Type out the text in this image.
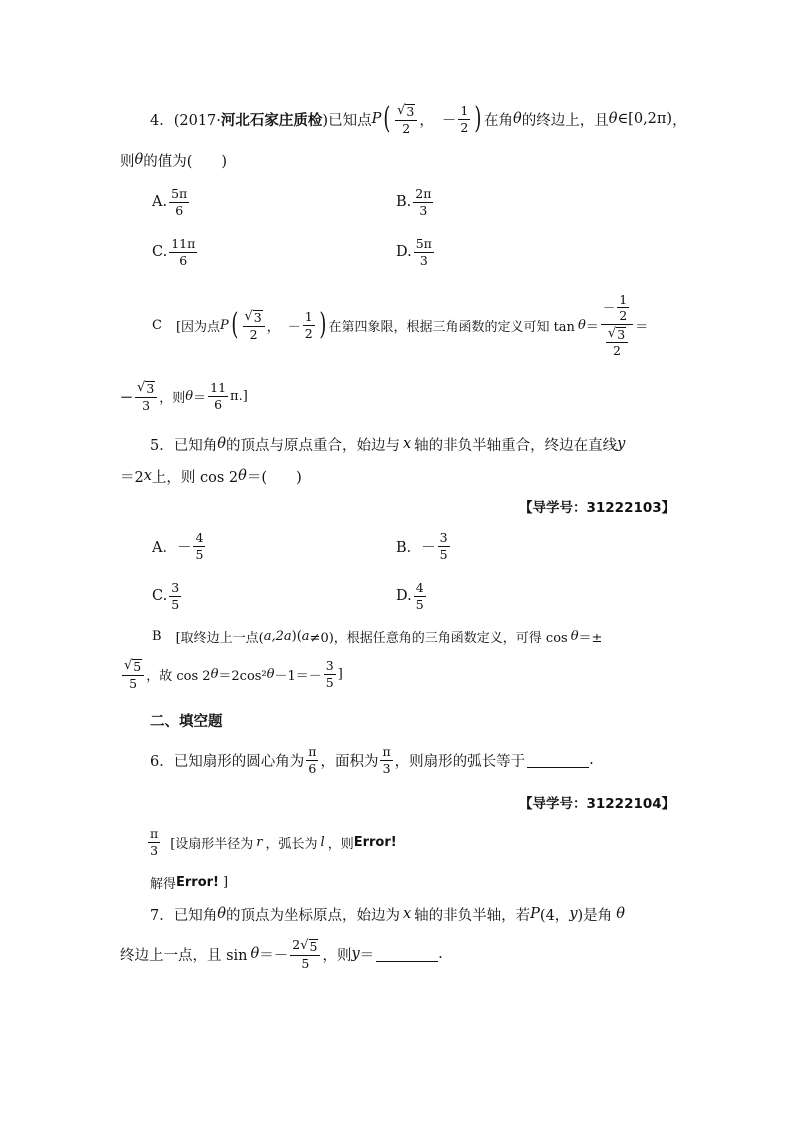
4．(2017· 河北石家庄质检 )已知点 P ( $\frac{√ 3}{2}$ ， － $\frac{1}{2}$ ) 在角 θ 的终边上，且 θ ∈[0,2π) ，
则 θ 的值为(　　)
A. $\frac{5\pi}{6}$	B. $\frac{2\pi}{3}$
C. $\frac{11\pi}{6}$	D. $\frac{5\pi}{3}$
C [因为点 P ( $\frac{√ 3}{2}$ ， － $\frac{1}{2}$ ) 在第四象限，根据三角函数的定义可知 $\tan \theta = \frac{- \frac{1}{2}}{\frac{√ 3}{2}}$ ＝
－ $\frac{√ 3}{3}$ ，则 $\theta = \frac{11}{6} \pi$.]
5．已知角 θ 的顶点与原点重合，始边与 x 轴的非负半轴重合，终边在直线 y
＝2 x 上，则 cos 2 θ ＝(　　)
【导学号：31222103】
A．－ $\frac{4}{5}$	B．－ $\frac{3}{5}$
C. $\frac{3}{5}$	D. $\frac{4}{5}$
B [取终边上一点( a,2a )( a ≠0)，根据任意角的三角函数定义，可得 cos θ ＝±
$\frac{√ 5}{5}$ ，故 cos 2 θ ＝2cos² $\theta -1=- \frac{3}{5}$ ]
二、填空题
6．已知扇形的圆心角为 $\frac{\pi}{6}$ ，面积为 $\frac{\pi}{3}$ ，则扇形的弧长等于	.
【导学号：31222104】
$\frac{\pi}{3}$ [设扇形半径为 r ，弧长为 l ，则 Error!
解得 Error! ]
7．已知角 θ 的顶点为坐标原点，始边为 x 轴的非负半轴，若 P (4， y )是角 θ
终边上一点，且 $\sin \theta =- \frac{2 √ 5}{5}$ ，则 y ＝	.
